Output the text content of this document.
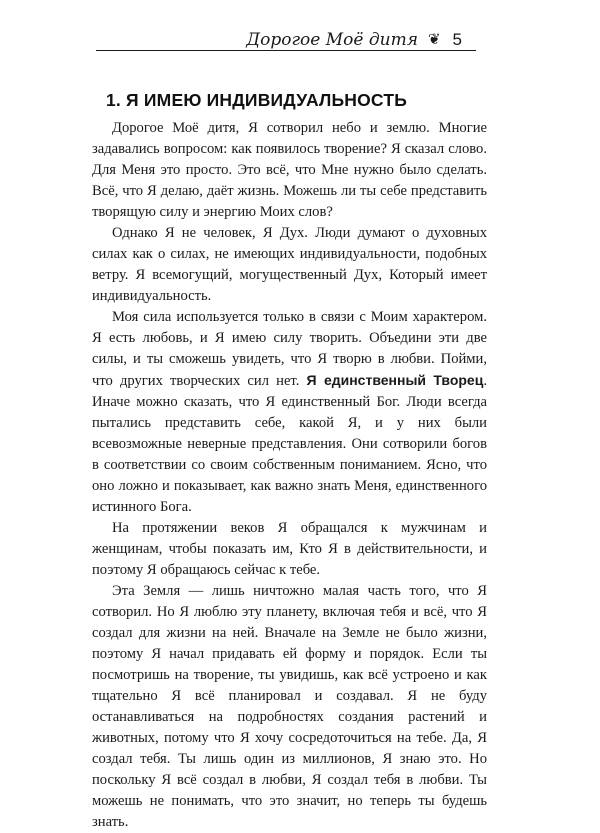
Дорогое Моё дитя ❦ 5
1. Я ИМЕЮ ИНДИВИДУАЛЬНОСТЬ

Дорогое Моё дитя, Я сотворил небо и землю. Многие задавались вопросом: как появилось творение? Я сказал слово. Для Меня это просто. Это всё, что Мне нужно было сделать. Всё, что Я делаю, даёт жизнь. Можешь ли ты себе представить творящую силу и энергию Моих слов?

Однако Я не человек, Я Дух. Люди думают о духовных силах как о силах, не имеющих индивидуальности, подобных ветру. Я всемогущий, могущественный Дух, Который имеет индивидуальность.

Моя сила используется только в связи с Моим характером. Я есть любовь, и Я имею силу творить. Объедини эти две силы, и ты сможешь увидеть, что Я творю в любви. Пойми, что других творческих сил нет. Я единственный Творец. Иначе можно сказать, что Я единственный Бог. Люди всегда пытались представить себе, какой Я, и у них были всевозможные неверные представления. Они сотворили богов в соответствии со своим собственным пониманием. Ясно, что оно ложно и показывает, как важно знать Меня, единственного истинного Бога.

На протяжении веков Я обращался к мужчинам и женщинам, чтобы показать им, Кто Я в действительности, и поэтому Я обращаюсь сейчас к тебе.

Эта Земля — лишь ничтожно малая часть того, что Я сотворил. Но Я люблю эту планету, включая тебя и всё, что Я создал для жизни на ней. Вначале на Земле не было жизни, поэтому Я начал придавать ей форму и порядок. Если ты посмотришь на творение, ты увидишь, как всё устроено и как тщательно Я всё планировал и создавал. Я не буду останавливаться на подробностях создания растений и животных, потому что Я хочу сосредоточиться на тебе. Да, Я создал тебя. Ты лишь один из миллионов, Я знаю это. Но поскольку Я всё создал в любви, Я создал тебя в любви. Ты можешь не понимать, что это значит, но теперь ты будешь знать.
